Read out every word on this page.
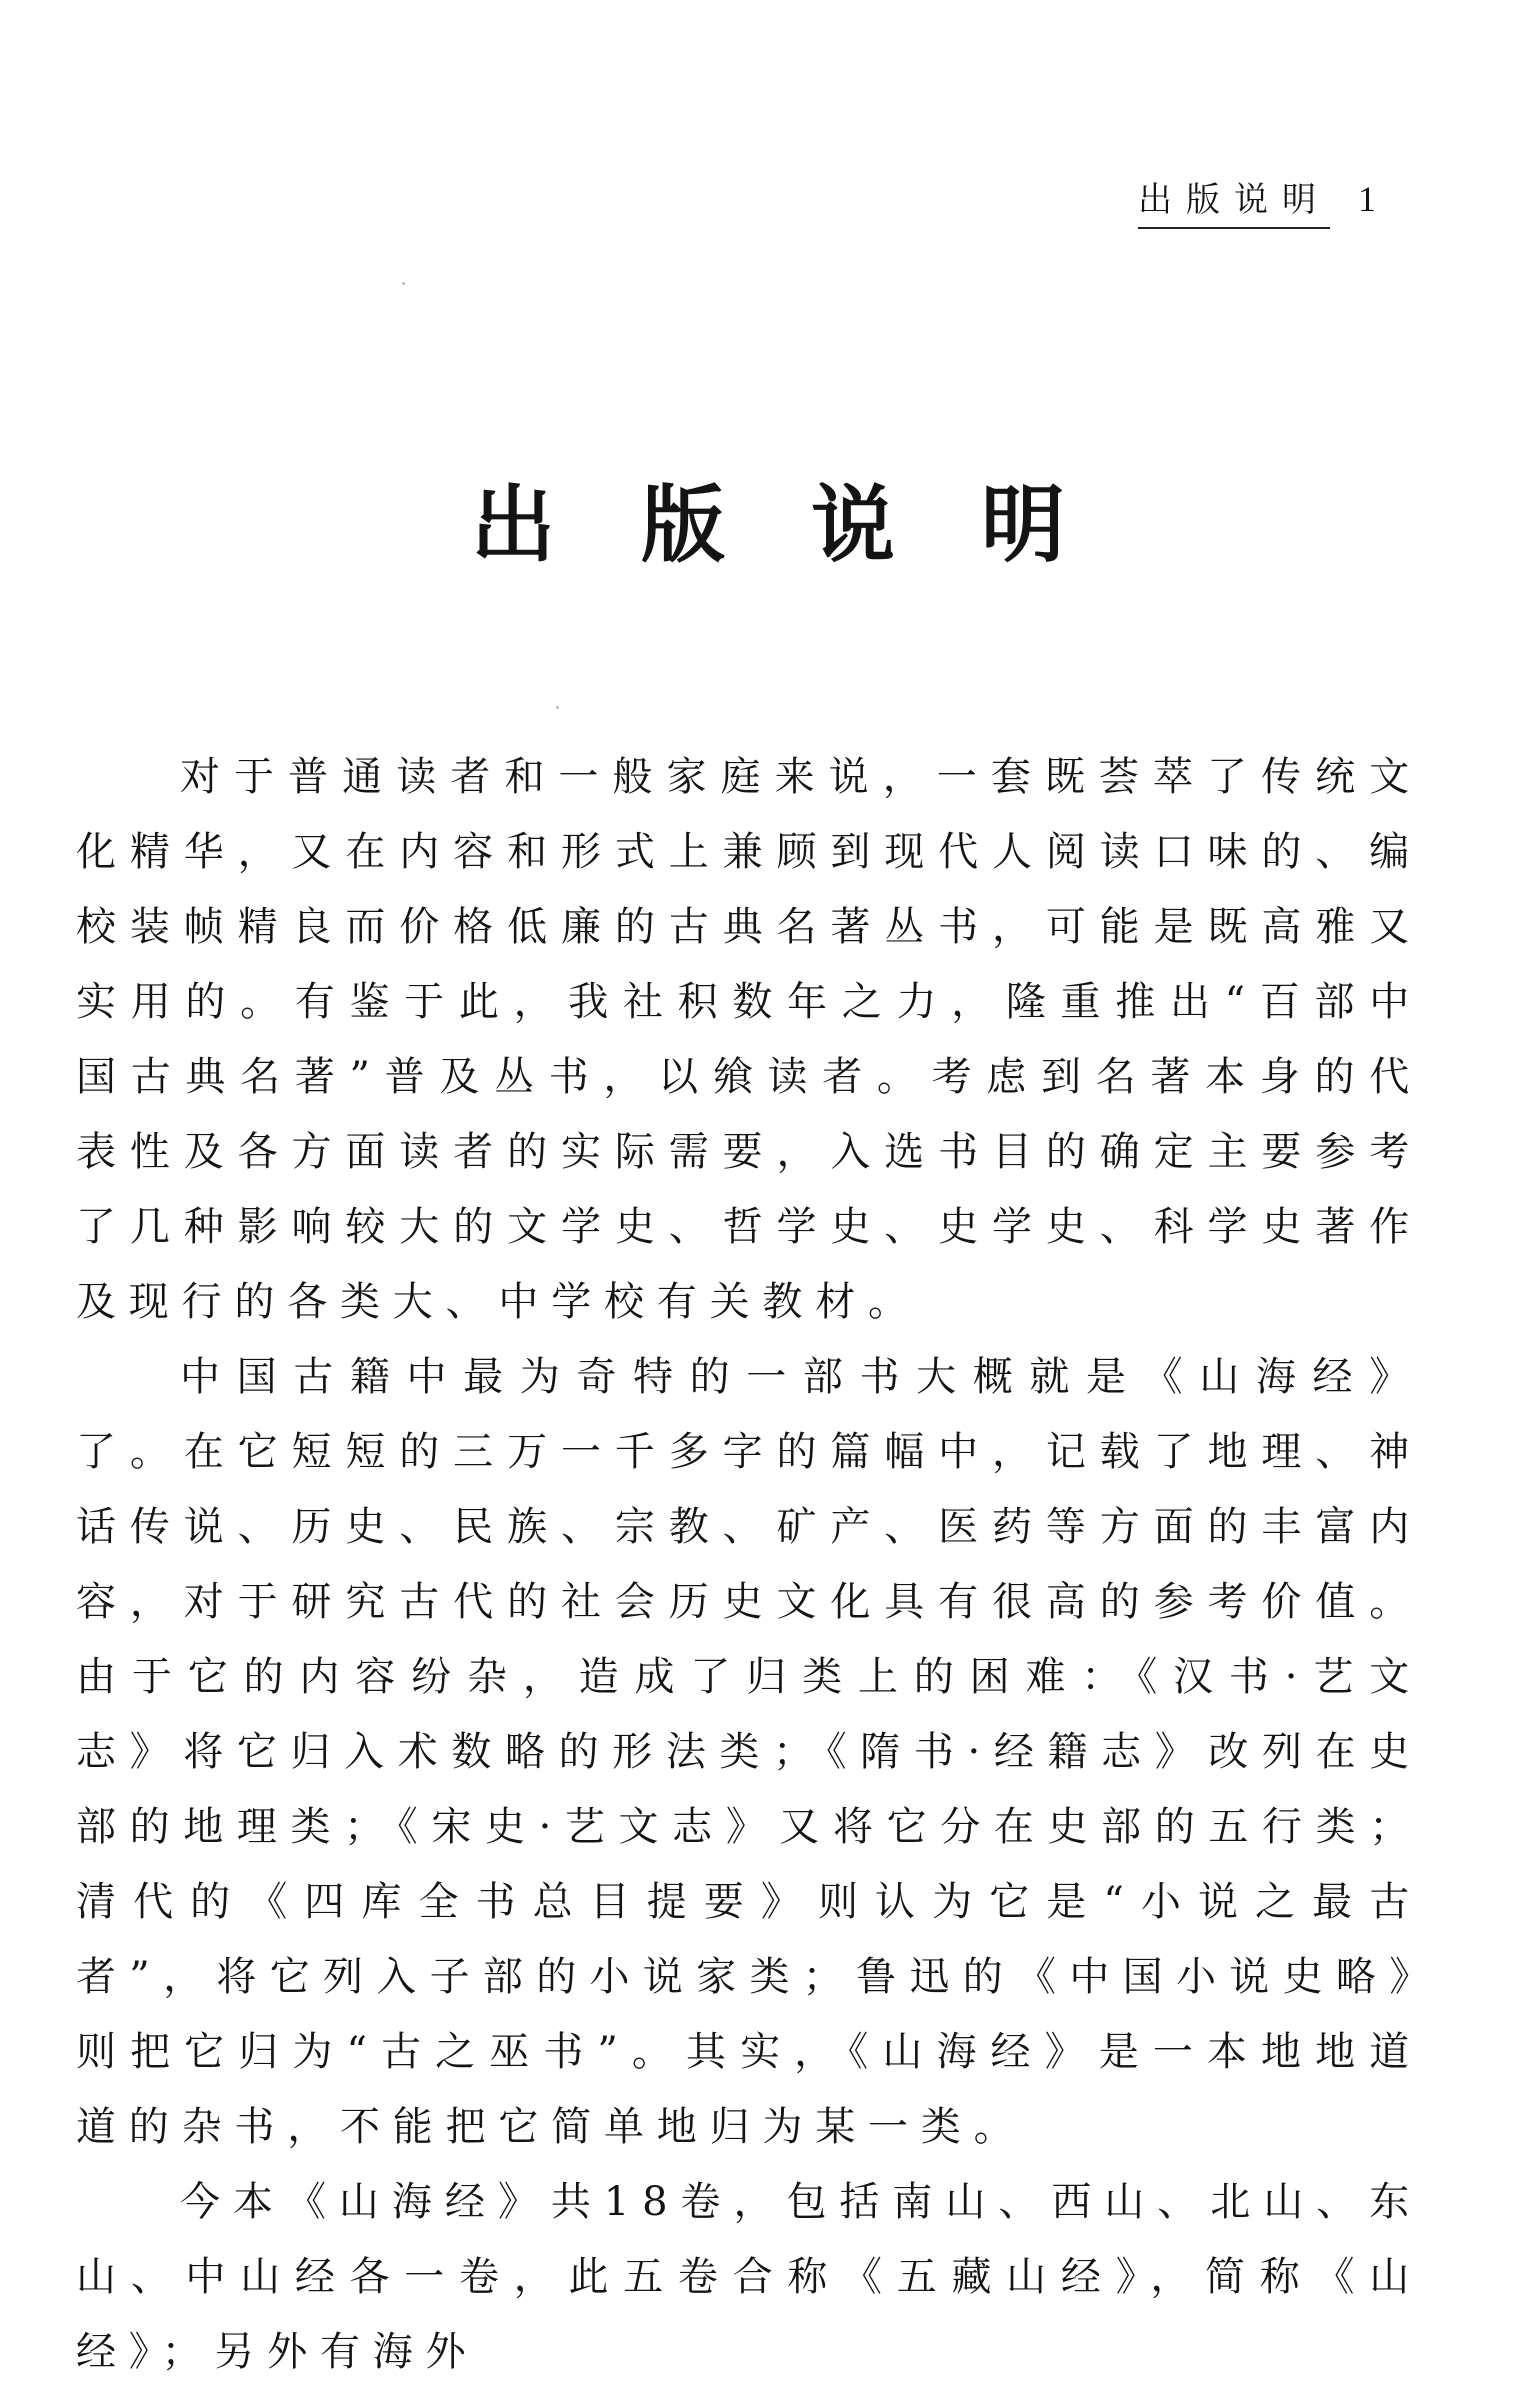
出版说明 1
出版说明

对于普通读者和一般家庭来说，一套既荟萃了传统文化精华，又在内容和形式上兼顾到现代人阅读口味的、编校装帧精良而价格低廉的古典名著丛书，可能是既高雅又实用的。有鉴于此，我社积数年之力，隆重推出“百部中国古典名著”普及丛书，以飨读者。考虑到名著本身的代表性及各方面读者的实际需要，入选书目的确定主要参考了几种影响较大的文学史、哲学史、史学史、科学史著作及现行的各类大、中学校有关教材。

中国古籍中最为奇特的一部书大概就是《山海经》了。在它短短的三万一千多字的篇幅中，记载了地理、神话传说、历史、民族、宗教、矿产、医药等方面的丰富内容，对于研究古代的社会历史文化具有很高的参考价值。由于它的内容纷杂，造成了归类上的困难：《汉书·艺文志》将它归入术数略的形法类；《隋书·经籍志》改列在史部的地理类；《宋史·艺文志》又将它分在史部的五行类；清代的《四库全书总目提要》则认为它是“小说之最古者”，将它列入子部的小说家类；鲁迅的《中国小说史略》则把它归为“古之巫书”。其实，《山海经》是一本地地道道的杂书，不能把它简单地归为某一类。

今本《山海经》共18卷，包括南山、西山、北山、东山、中山经各一卷，此五卷合称《五藏山经》，简称《山经》；另外有海外
